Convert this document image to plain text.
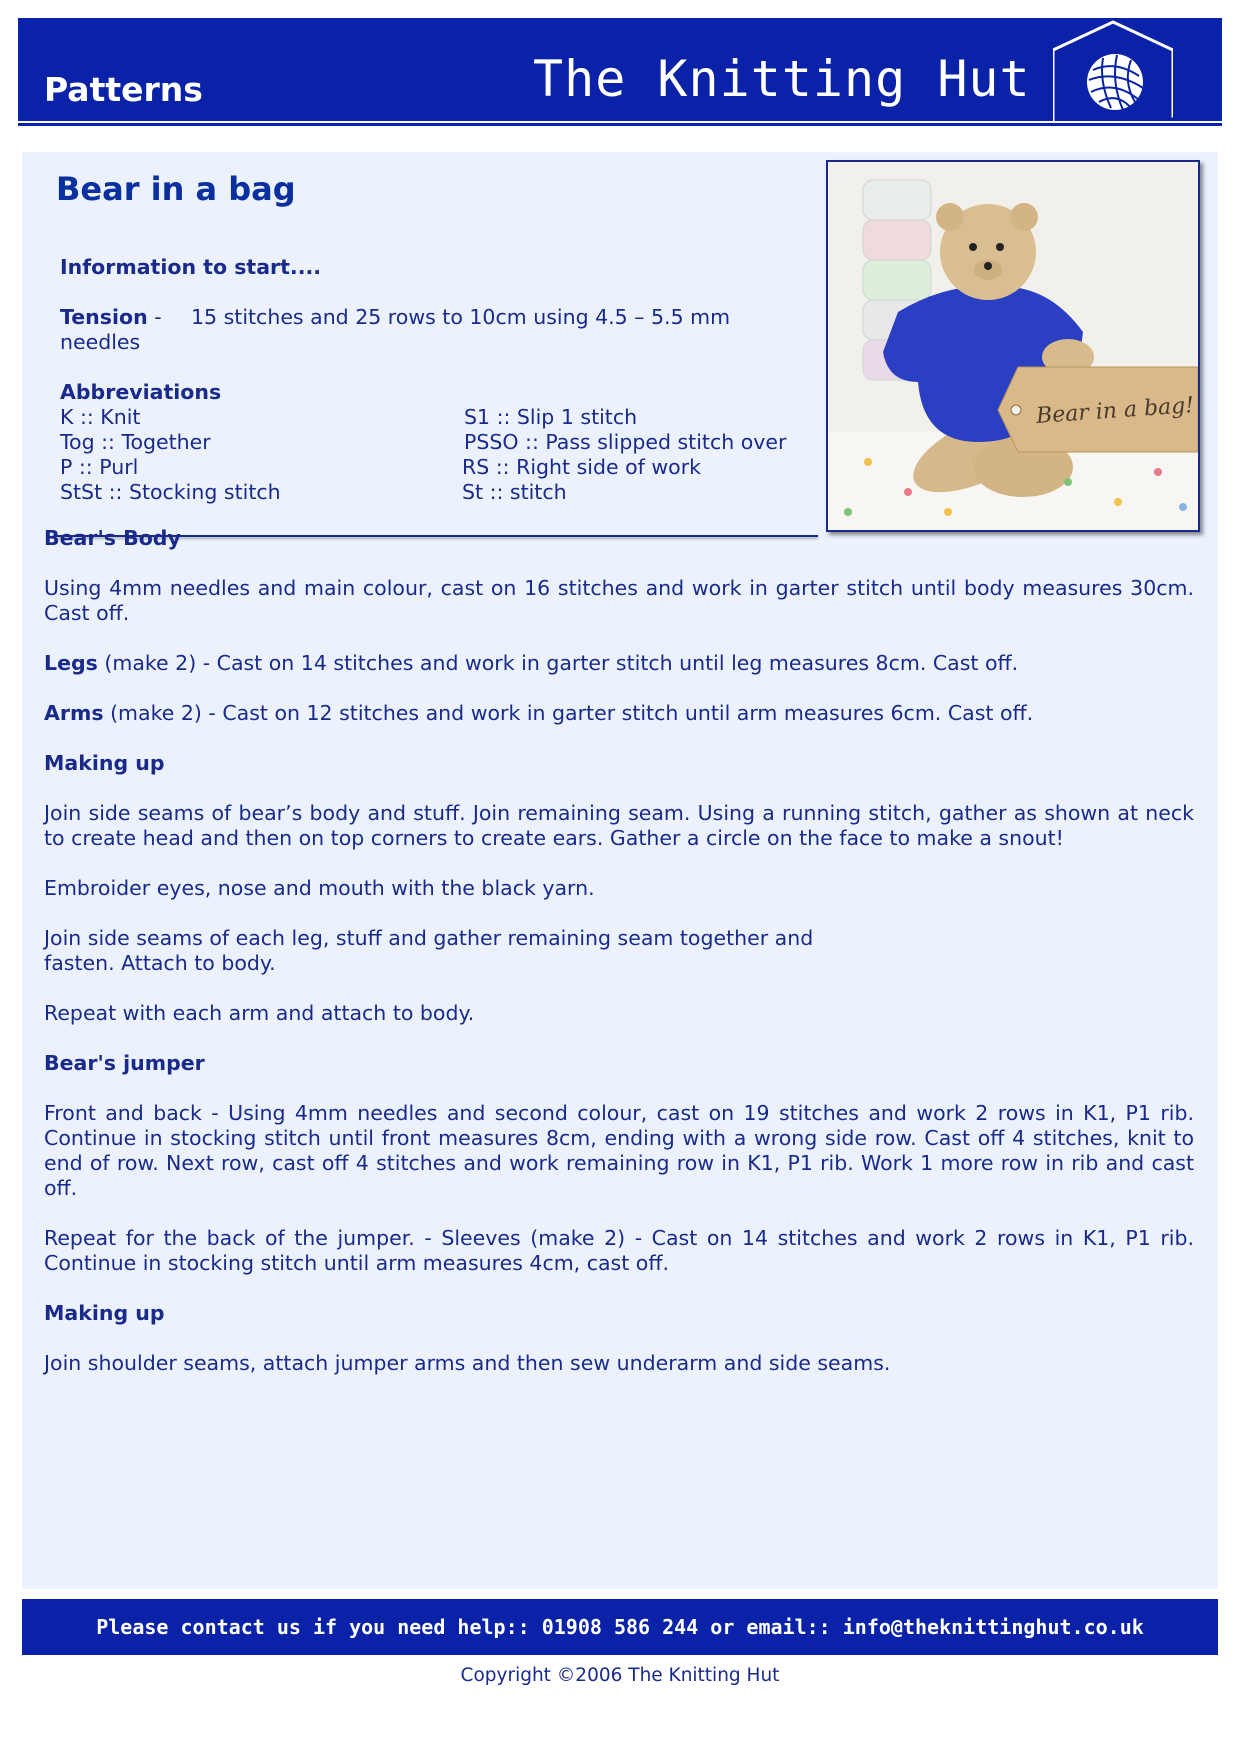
Patterns	The Knitting Hut
Bear in a bag
Information to start....
Tension - 15 stitches and 25 rows to 10cm using 4.5 – 5.5 mm
needles
Abbreviations
K :: Knit
Tog :: Together
P :: Purl
StSt :: Stocking stitch
S1 :: Slip 1 stitch
PSSO :: Pass slipped stitch over
RS :: Right side of work
St :: stitch
Bear in a bag!
Bear's Body
Using 4mm needles and main colour, cast on 16 stitches and work in garter stitch until body measures 30cm. Cast off.
Legs (make 2) - Cast on 14 stitches and work in garter stitch until leg measures 8cm. Cast off.
Arms (make 2) - Cast on 12 stitches and work in garter stitch until arm measures 6cm. Cast off.
Making up
Join side seams of bear’s body and stuff. Join remaining seam. Using a running stitch, gather as shown at neck to create head and then on top corners to create ears. Gather a circle on the face to make a snout!
Embroider eyes, nose and mouth with the black yarn.
Join side seams of each leg, stuff and gather remaining seam together and
fasten. Attach to body.
Repeat with each arm and attach to body.
Bear's jumper
Front and back - Using 4mm needles and second colour, cast on 19 stitches and work 2 rows in K1, P1 rib. Continue in stocking stitch until front measures 8cm, ending with a wrong side row. Cast off 4 stitches, knit to end of row. Next row, cast off 4 stitches and work remaining row in K1, P1 rib. Work 1 more row in rib and cast off.
Repeat for the back of the jumper. - Sleeves (make 2) - Cast on 14 stitches and work 2 rows in K1, P1 rib. Continue in stocking stitch until arm measures 4cm, cast off.
Making up
Join shoulder seams, attach jumper arms and then sew underarm and side seams.
Please contact us if you need help:: 01908 586 244 or email:: info@theknittinghut.co.uk
Copyright ©2006 The Knitting Hut
